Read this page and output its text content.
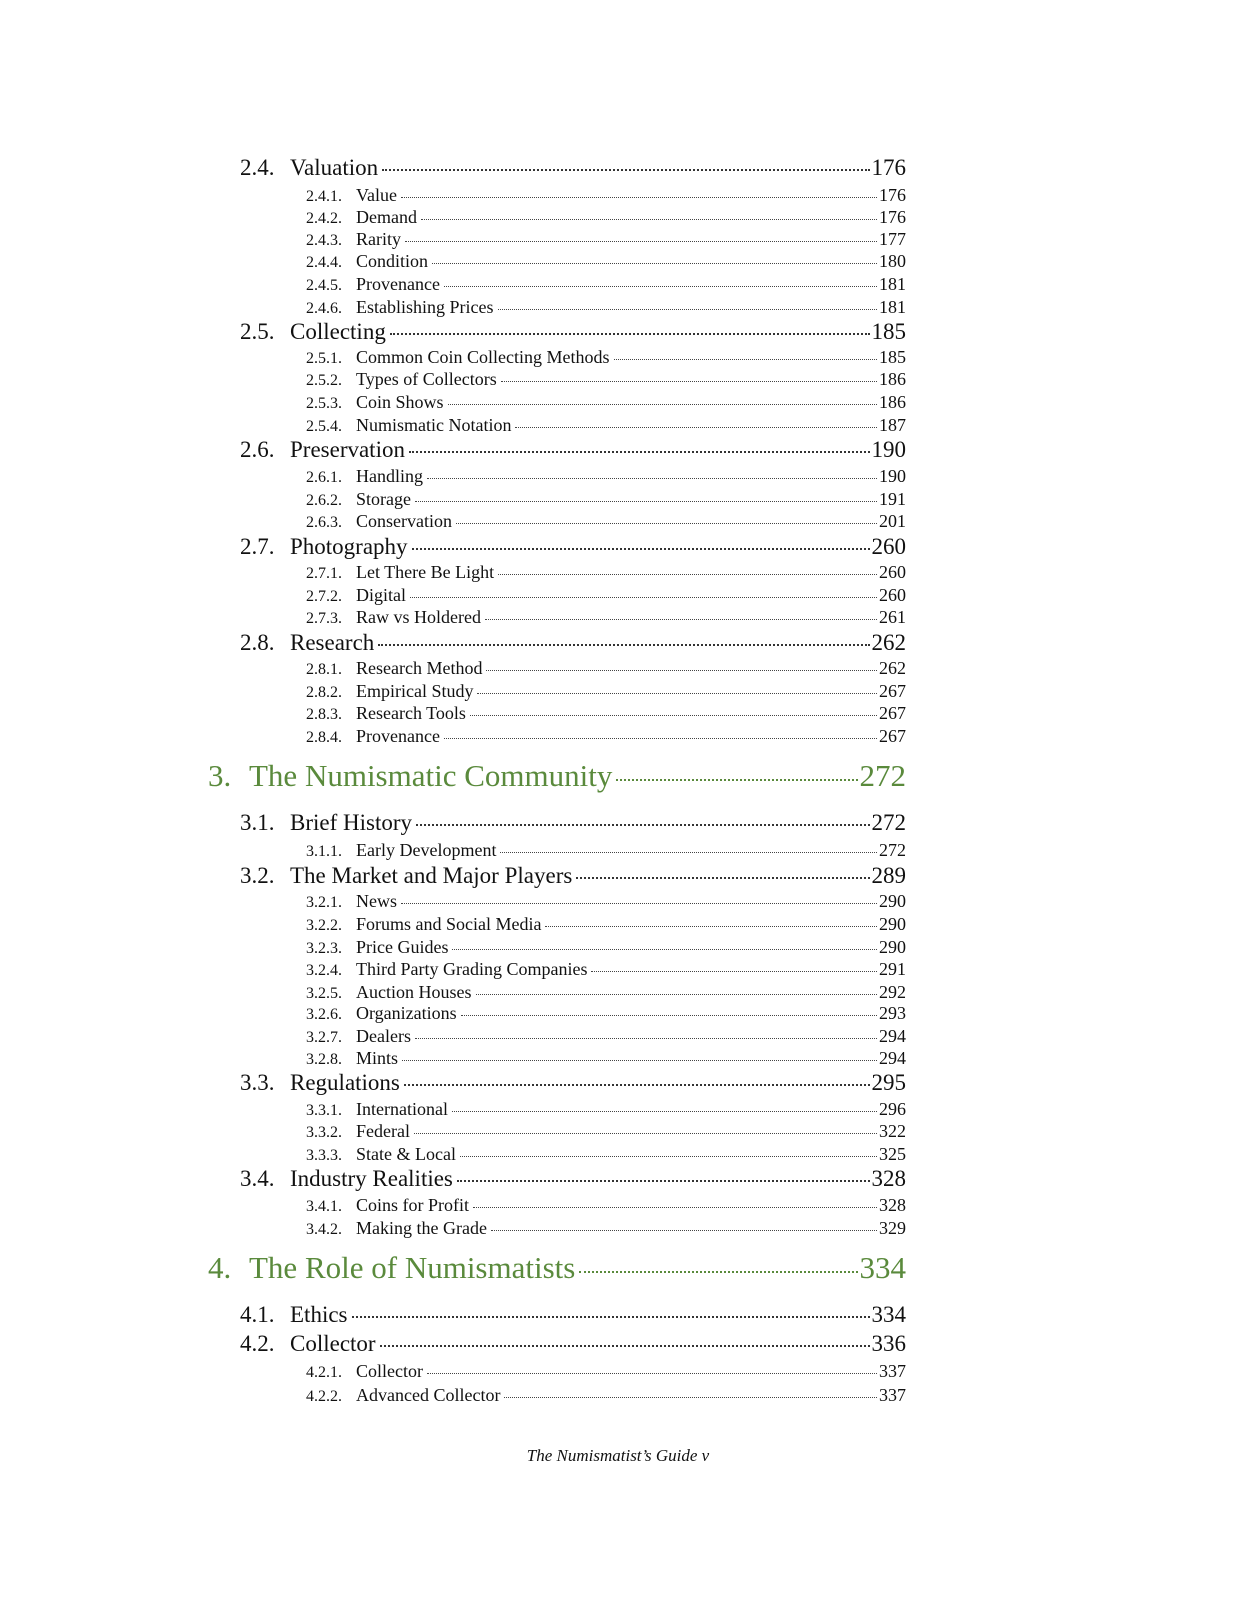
2.4. Valuation	176
2.4.1. Value	176
2.4.2. Demand	176
2.4.3. Rarity	177
2.4.4. Condition	180
2.4.5. Provenance	181
2.4.6. Establishing Prices	181
2.5. Collecting	185
2.5.1. Common Coin Collecting Methods	185
2.5.2. Types of Collectors	186
2.5.3. Coin Shows	186
2.5.4. Numismatic Notation	187
2.6. Preservation	190
2.6.1. Handling	190
2.6.2. Storage	191
2.6.3. Conservation	201
2.7. Photography	260
2.7.1. Let There Be Light	260
2.7.2. Digital	260
2.7.3. Raw vs Holdered	261
2.8. Research	262
2.8.1. Research Method	262
2.8.2. Empirical Study	267
2.8.3. Research Tools	267
2.8.4. Provenance	267
3. The Numismatic Community	272
3.1. Brief History	272
3.1.1. Early Development	272
3.2. The Market and Major Players	289
3.2.1. News	290
3.2.2. Forums and Social Media	290
3.2.3. Price Guides	290
3.2.4. Third Party Grading Companies	291
3.2.5. Auction Houses	292
3.2.6. Organizations	293
3.2.7. Dealers	294
3.2.8. Mints	294
3.3. Regulations	295
3.3.1. International	296
3.3.2. Federal	322
3.3.3. State & Local	325
3.4. Industry Realities	328
3.4.1. Coins for Profit	328
3.4.2. Making the Grade	329
4. The Role of Numismatists	334
4.1. Ethics	334
4.2. Collector	336
4.2.1. Collector	337
4.2.2. Advanced Collector	337
The Numismatist’s Guide v
